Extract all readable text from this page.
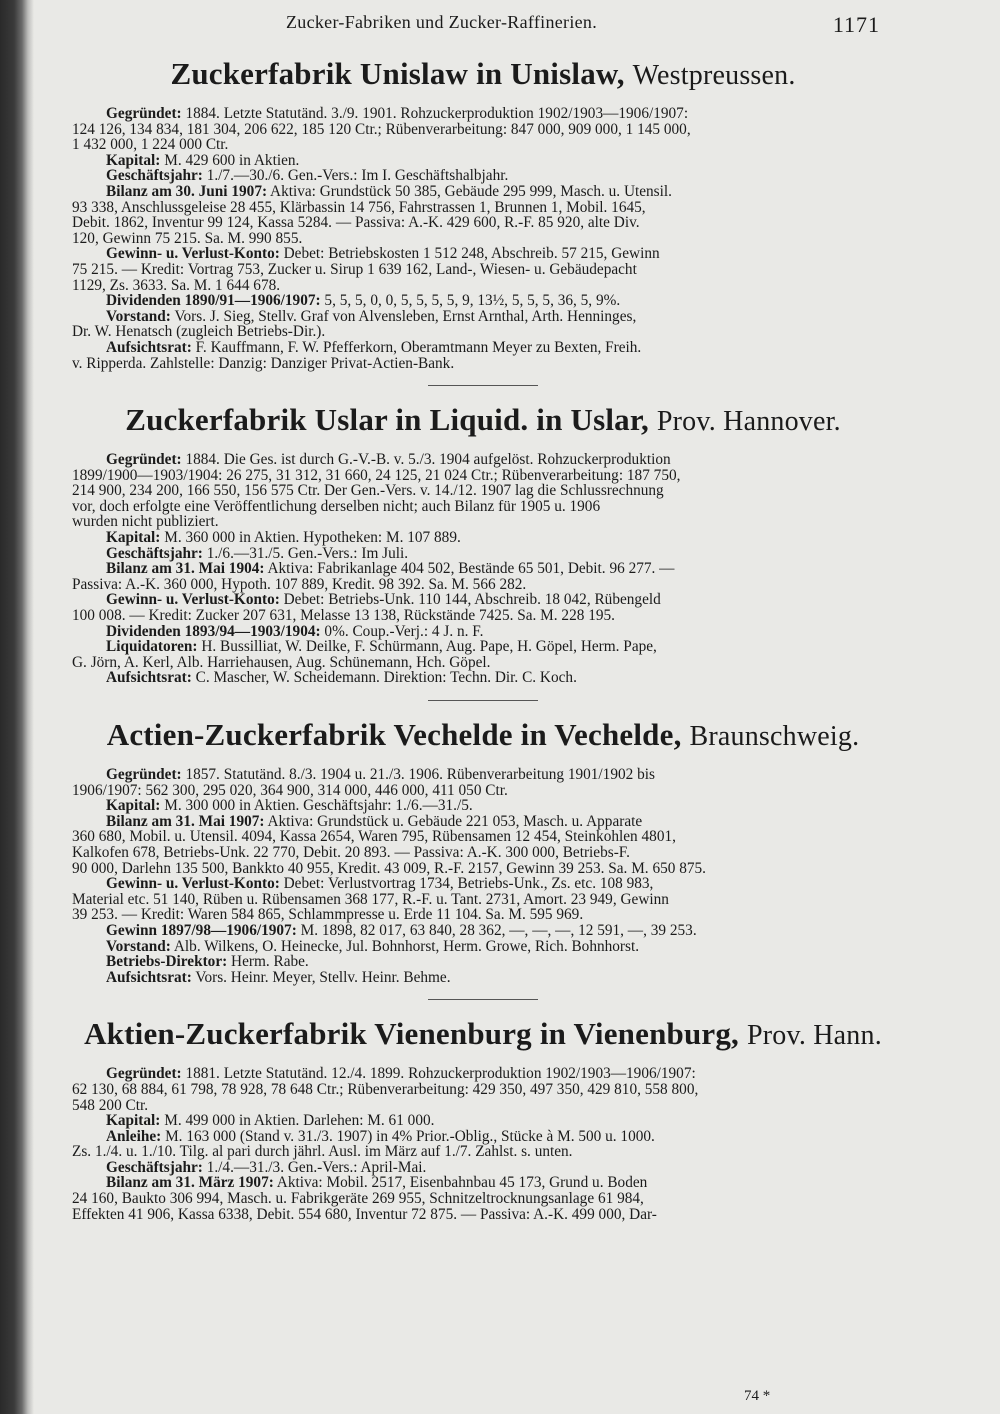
Zucker-Fabriken und Zucker-Raffinerien.	1171
Zuckerfabrik Unislaw in Unislaw, Westpreussen.

Gegründet: 1884. Letzte Statutänd. 3./9. 1901. Rohzuckerproduktion 1902/1903—1906/1907:

124 126, 134 834, 181 304, 206 622, 185 120 Ctr.; Rübenverarbeitung: 847 000, 909 000, 1 145 000,

1 432 000, 1 224 000 Ctr.

Kapital: M. 429 600 in Aktien.

Geschäftsjahr: 1./7.—30./6. Gen.-Vers.: Im I. Geschäftshalbjahr.

Bilanz am 30. Juni 1907: Aktiva: Grundstück 50 385, Gebäude 295 999, Masch. u. Utensil.

93 338, Anschlussgeleise 28 455, Klärbassin 14 756, Fahrstrassen 1, Brunnen 1, Mobil. 1645,

Debit. 1862, Inventur 99 124, Kassa 5284. — Passiva: A.-K. 429 600, R.-F. 85 920, alte Div.

120, Gewinn 75 215. Sa. M. 990 855.

Gewinn- u. Verlust-Konto: Debet: Betriebskosten 1 512 248, Abschreib. 57 215, Gewinn

75 215. — Kredit: Vortrag 753, Zucker u. Sirup 1 639 162, Land-, Wiesen- u. Gebäudepacht

1129, Zs. 3633. Sa. M. 1 644 678.

Dividenden 1890/91—1906/1907: 5, 5, 5, 0, 0, 5, 5, 5, 5, 9, 13½, 5, 5, 5, 36, 5, 9%.

Vorstand: Vors. J. Sieg, Stellv. Graf von Alvensleben, Ernst Arnthal, Arth. Henninges,

Dr. W. Henatsch (zugleich Betriebs-Dir.).

Aufsichtsrat: F. Kauffmann, F. W. Pfefferkorn, Oberamtmann Meyer zu Bexten, Freih.

v. Ripperda. Zahlstelle: Danzig: Danziger Privat-Actien-Bank.

Zuckerfabrik Uslar in Liquid. in Uslar, Prov. Hannover.

Gegründet: 1884. Die Ges. ist durch G.-V.-B. v. 5./3. 1904 aufgelöst. Rohzuckerproduktion

1899/1900—1903/1904: 26 275, 31 312, 31 660, 24 125, 21 024 Ctr.; Rübenverarbeitung: 187 750,

214 900, 234 200, 166 550, 156 575 Ctr. Der Gen.-Vers. v. 14./12. 1907 lag die Schlussrechnung

vor, doch erfolgte eine Veröffentlichung derselben nicht; auch Bilanz für 1905 u. 1906

wurden nicht publiziert.

Kapital: M. 360 000 in Aktien. Hypotheken: M. 107 889.

Geschäftsjahr: 1./6.—31./5. Gen.-Vers.: Im Juli.

Bilanz am 31. Mai 1904: Aktiva: Fabrikanlage 404 502, Bestände 65 501, Debit. 96 277. —

Passiva: A.-K. 360 000, Hypoth. 107 889, Kredit. 98 392. Sa. M. 566 282.

Gewinn- u. Verlust-Konto: Debet: Betriebs-Unk. 110 144, Abschreib. 18 042, Rübengeld

100 008. — Kredit: Zucker 207 631, Melasse 13 138, Rückstände 7425. Sa. M. 228 195.

Dividenden 1893/94—1903/1904: 0%. Coup.-Verj.: 4 J. n. F.

Liquidatoren: H. Bussilliat, W. Deilke, F. Schürmann, Aug. Pape, H. Göpel, Herm. Pape,

G. Jörn, A. Kerl, Alb. Harriehausen, Aug. Schünemann, Hch. Göpel.

Aufsichtsrat: C. Mascher, W. Scheidemann. Direktion: Techn. Dir. C. Koch.

Actien-Zuckerfabrik Vechelde in Vechelde, Braunschweig.

Gegründet: 1857. Statutänd. 8./3. 1904 u. 21./3. 1906. Rübenverarbeitung 1901/1902 bis

1906/1907: 562 300, 295 020, 364 900, 314 000, 446 000, 411 050 Ctr.

Kapital: M. 300 000 in Aktien. Geschäftsjahr: 1./6.—31./5.

Bilanz am 31. Mai 1907: Aktiva: Grundstück u. Gebäude 221 053, Masch. u. Apparate

360 680, Mobil. u. Utensil. 4094, Kassa 2654, Waren 795, Rübensamen 12 454, Steinkohlen 4801,

Kalkofen 678, Betriebs-Unk. 22 770, Debit. 20 893. — Passiva: A.-K. 300 000, Betriebs-F.

90 000, Darlehn 135 500, Bankkto 40 955, Kredit. 43 009, R.-F. 2157, Gewinn 39 253. Sa. M. 650 875.

Gewinn- u. Verlust-Konto: Debet: Verlustvortrag 1734, Betriebs-Unk., Zs. etc. 108 983,

Material etc. 51 140, Rüben u. Rübensamen 368 177, R.-F. u. Tant. 2731, Amort. 23 949, Gewinn

39 253. — Kredit: Waren 584 865, Schlammpresse u. Erde 11 104. Sa. M. 595 969.

Gewinn 1897/98—1906/1907: M. 1898, 82 017, 63 840, 28 362, —, —, —, 12 591, —, 39 253.

Vorstand: Alb. Wilkens, O. Heinecke, Jul. Bohnhorst, Herm. Growe, Rich. Bohnhorst.

Betriebs-Direktor: Herm. Rabe.

Aufsichtsrat: Vors. Heinr. Meyer, Stellv. Heinr. Behme.

Aktien-Zuckerfabrik Vienenburg in Vienenburg, Prov. Hann.

Gegründet: 1881. Letzte Statutänd. 12./4. 1899. Rohzuckerproduktion 1902/1903—1906/1907:

62 130, 68 884, 61 798, 78 928, 78 648 Ctr.; Rübenverarbeitung: 429 350, 497 350, 429 810, 558 800,

548 200 Ctr.

Kapital: M. 499 000 in Aktien. Darlehen: M. 61 000.

Anleihe: M. 163 000 (Stand v. 31./3. 1907) in 4% Prior.-Oblig., Stücke à M. 500 u. 1000.

Zs. 1./4. u. 1./10. Tilg. al pari durch jährl. Ausl. im März auf 1./7. Zahlst. s. unten.

Geschäftsjahr: 1./4.—31./3. Gen.-Vers.: April-Mai.

Bilanz am 31. März 1907: Aktiva: Mobil. 2517, Eisenbahnbau 45 173, Grund u. Boden

24 160, Baukto 306 994, Masch. u. Fabrikgeräte 269 955, Schnitzeltrocknungsanlage 61 984,

Effekten 41 906, Kassa 6338, Debit. 554 680, Inventur 72 875. — Passiva: A.-K. 499 000, Dar-

74 *
